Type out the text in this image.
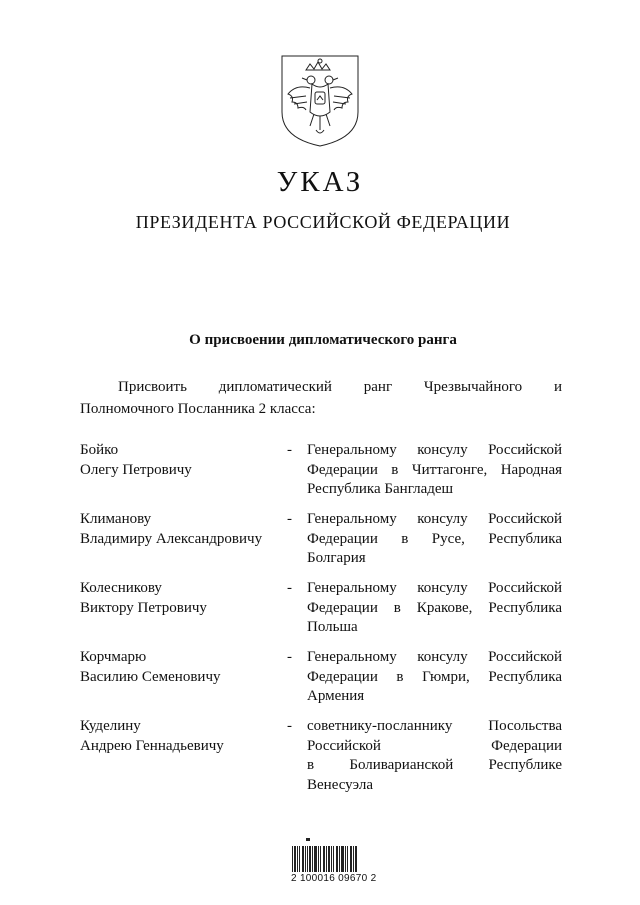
УКАЗ
ПРЕЗИДЕНТА РОССИЙСКОЙ ФЕДЕРАЦИИ
О присвоении дипломатического ранга
Присвоить дипломатический ранг Чрезвычайного и
Полномочного Посланника 2 класса:
Бойко
Олегу Петровичу
- Генеральному консулу Российской
Федерации в Читтагонге, Народная
Республика Бангладеш
Климанову
Владимиру Александровичу
- Генеральному консулу Российской
Федерации в Русе, Республика
Болгария
Колесникову
Виктору Петровичу
- Генеральному консулу Российской
Федерации в Кракове, Республика
Польша
Корчмарю
Василию Семеновичу
- Генеральному консулу Российской
Федерации в Гюмри, Республика
Армения
Куделину
Андрею Геннадьевичу
- советнику-посланнику Посольства
Российской Федерации
в Боливарианской Республике
Венесуэла
2 100016 09670 2
